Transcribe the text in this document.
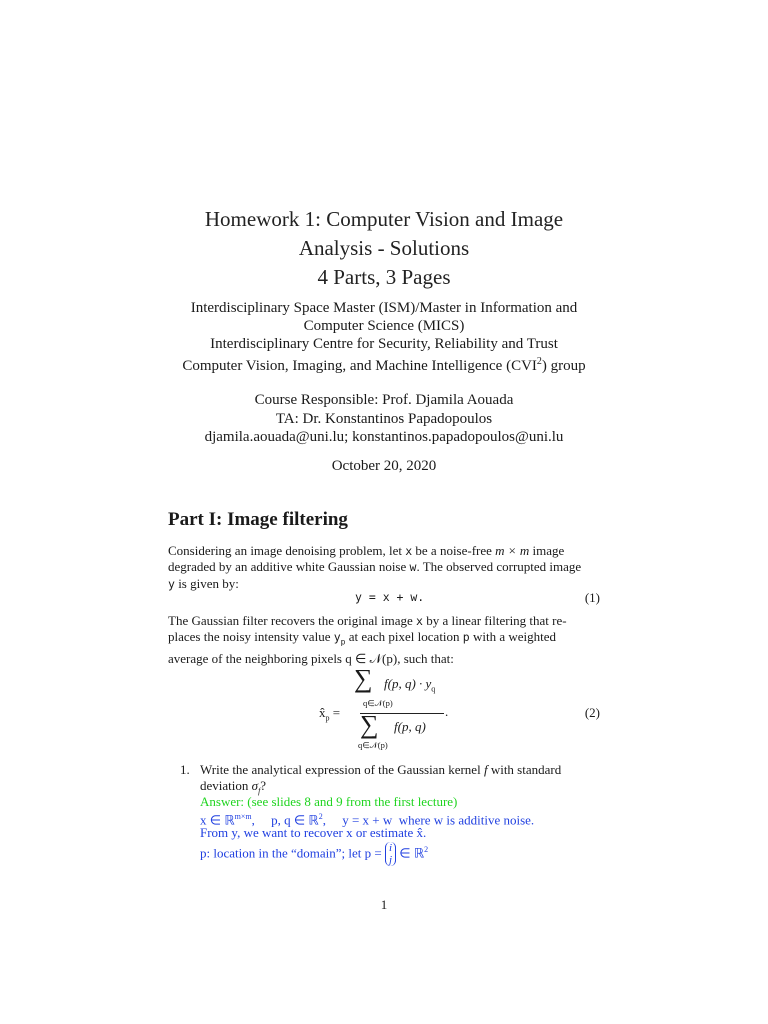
Homework 1: Computer Vision and Image
Analysis - Solutions
4 Parts, 3 Pages
Interdisciplinary Space Master (ISM)/Master in Information and
Computer Science (MICS)
Interdisciplinary Centre for Security, Reliability and Trust
Computer Vision, Imaging, and Machine Intelligence (CVI$^2$) group
Course Responsible: Prof. Djamila Aouada
TA: Dr. Konstantinos Papadopoulos
djamila.aouada@uni.lu; konstantinos.papadopoulos@uni.lu
October 20, 2020
Part I: Image filtering
Considering an image denoising problem, let x be a noise-free m × m image
degraded by an additive white Gaussian noise w. The observed corrupted image
y is given by:
y = x + w.	(1)
The Gaussian filter recovers the original image x by a linear filtering that re-
places the noisy intensity value $y_p$ at each pixel location p with a weighted
average of the neighboring pixels q ∈ 𝒩(p), such that:
∑
q∈𝒩(p)
f(p, $q) \cdot y_q$
$x̂_p$ =	.
∑
q∈𝒩(p)
f(p, q)
(2)
1. Write the analytical expression of the Gaussian kernel f with standard
deviation $\sigma_f$?
Answer: (see slides 8 and 9 from the first lecture)
x ∈ ℝ$^{m\times m}$,     p, q ∈ ℝ$^2$,     y = x + w  where w is additive noise.
From y, we want to recover x or estimate x̂.
p: location in the “domain”; let p = i
j ∈ ℝ$^2$
1
